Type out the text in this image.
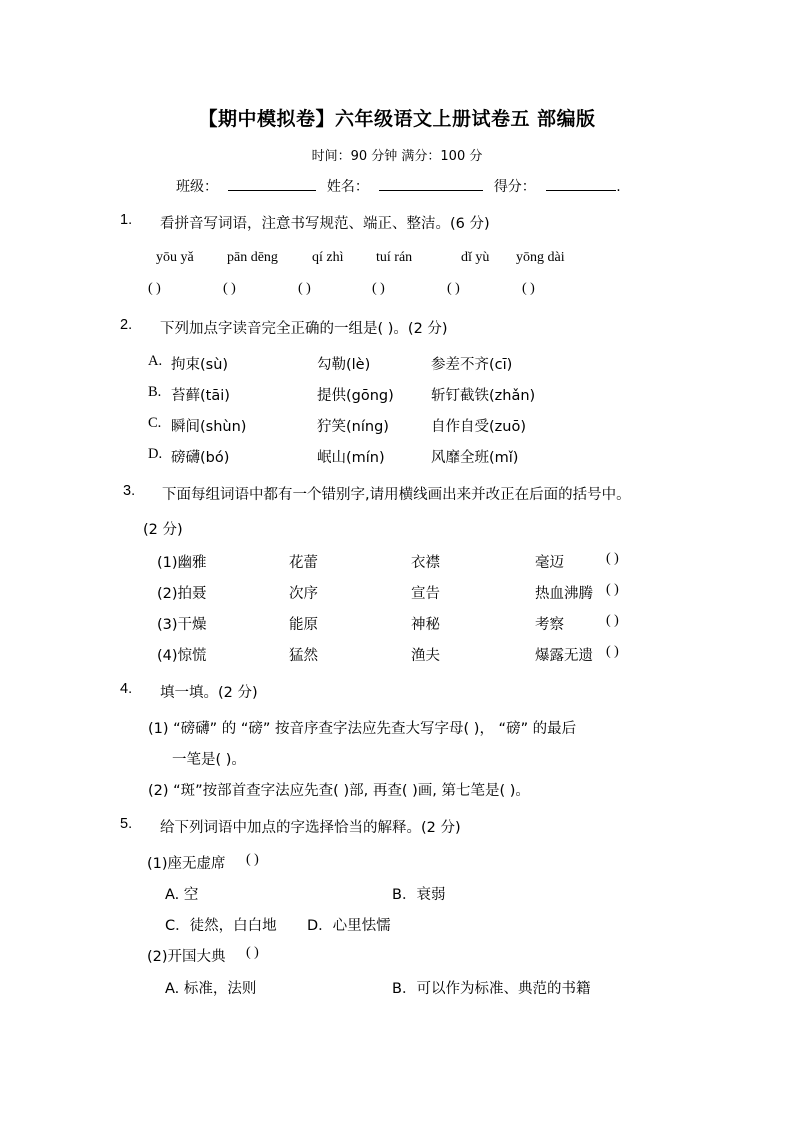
【期中模拟卷】六年级语文上册试卷五 部编版
时间：90 分钟 满分：100 分
班级：	姓名：	得分：	.
1. 看拼音写词语，注意书写规范、端正、整洁。(6 分)
yōu yǎ pān dēng qí zhì tuí rán	dǐ yù yōng dài
( )	( )	( )	( )	( )	( )
2. 下列加点字读音完全正确的一组是( )。(2 分)
A. 拘束(sù)	勾勒(lè)	参差不齐(cī)
B. 苔藓(tāi)	提供(gōng)	斩钉截铁(zhǎn)
C. 瞬间(shùn)	狞笑(níng)	自作自受(zuō)
D. 磅礴(bó)	岷山(mín)	风靡全班(mǐ)
3. 下面每组词语中都有一个错别字,请用横线画出来并改正在后面的括号中。
(2 分)
(1)幽雅	花蕾	衣襟	毫迈	( )
(2)拍聂	次序	宣告	热血沸腾 ( )
(3)干燥	能原	神秘	考察	( )
(4)惊慌	猛然	渔夫	爆露无遗 ( )
4. 填一填。(2 分)
(1) “磅礴” 的 “磅” 按音序查字法应先查大写字母( )， “磅” 的最后
一笔是( )。
(2) “斑”按部首查字法应先查( )部, 再查( )画, 第七笔是( )。
5. 给下列词语中加点的字选择恰当的解释。(2 分)
(1)座无虚席 ( )
A. 空	B．衰弱
C．徒然，白白地 D．心里怯懦
(2)开国大典 ( )
A. 标准，法则	B．可以作为标准、典范的书籍
